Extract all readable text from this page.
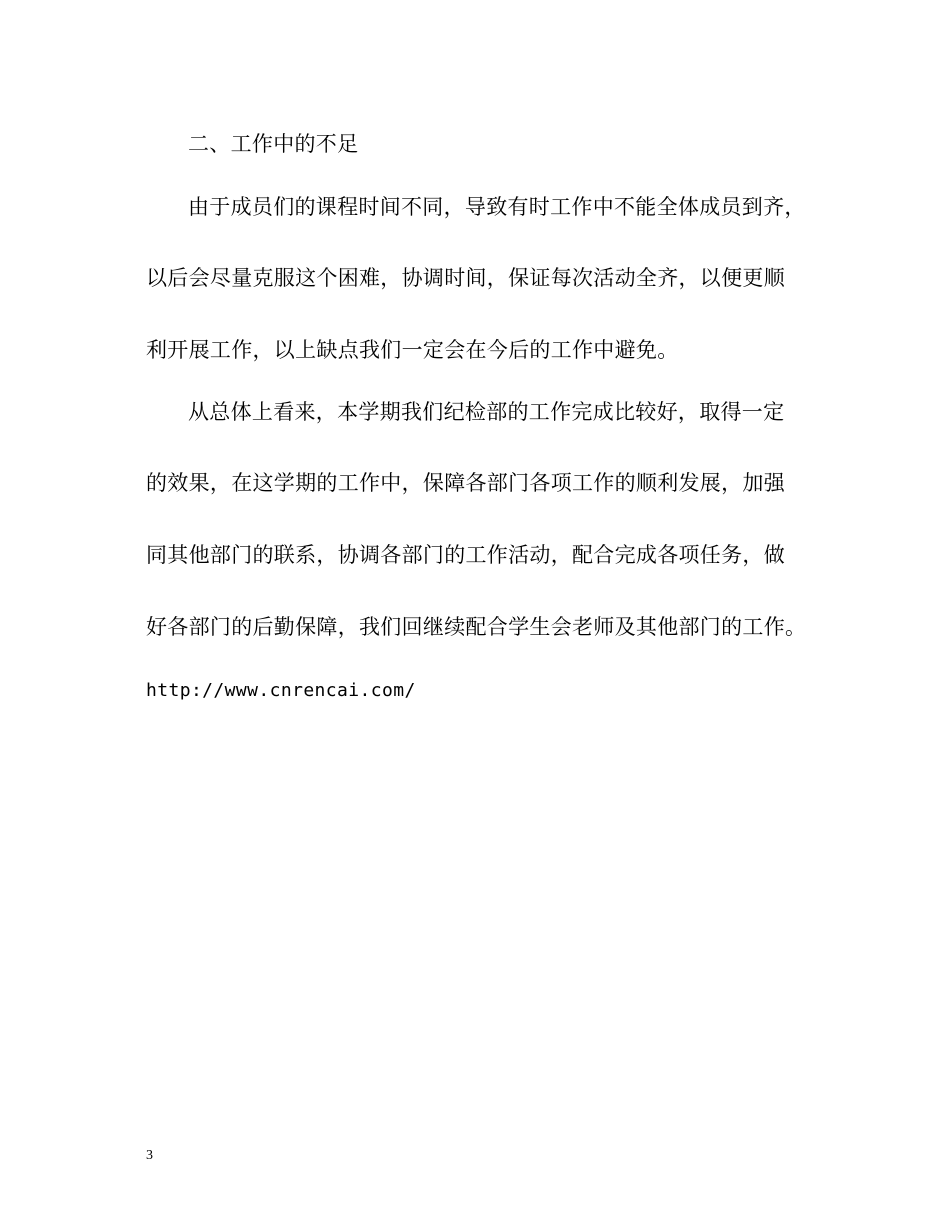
二、工作中的不足
由于成员们的课程时间不同，导致有时工作中不能全体成员到齐，
以后会尽量克服这个困难，协调时间，保证每次活动全齐，以便更顺
利开展工作，以上缺点我们一定会在今后的工作中避免。
从总体上看来，本学期我们纪检部的工作完成比较好，取得一定
的效果，在这学期的工作中，保障各部门各项工作的顺利发展，加强
同其他部门的联系，协调各部门的工作活动，配合完成各项任务，做
好各部门的后勤保障，我们回继续配合学生会老师及其他部门的工作。
http://www.cnrencai.com/
3
